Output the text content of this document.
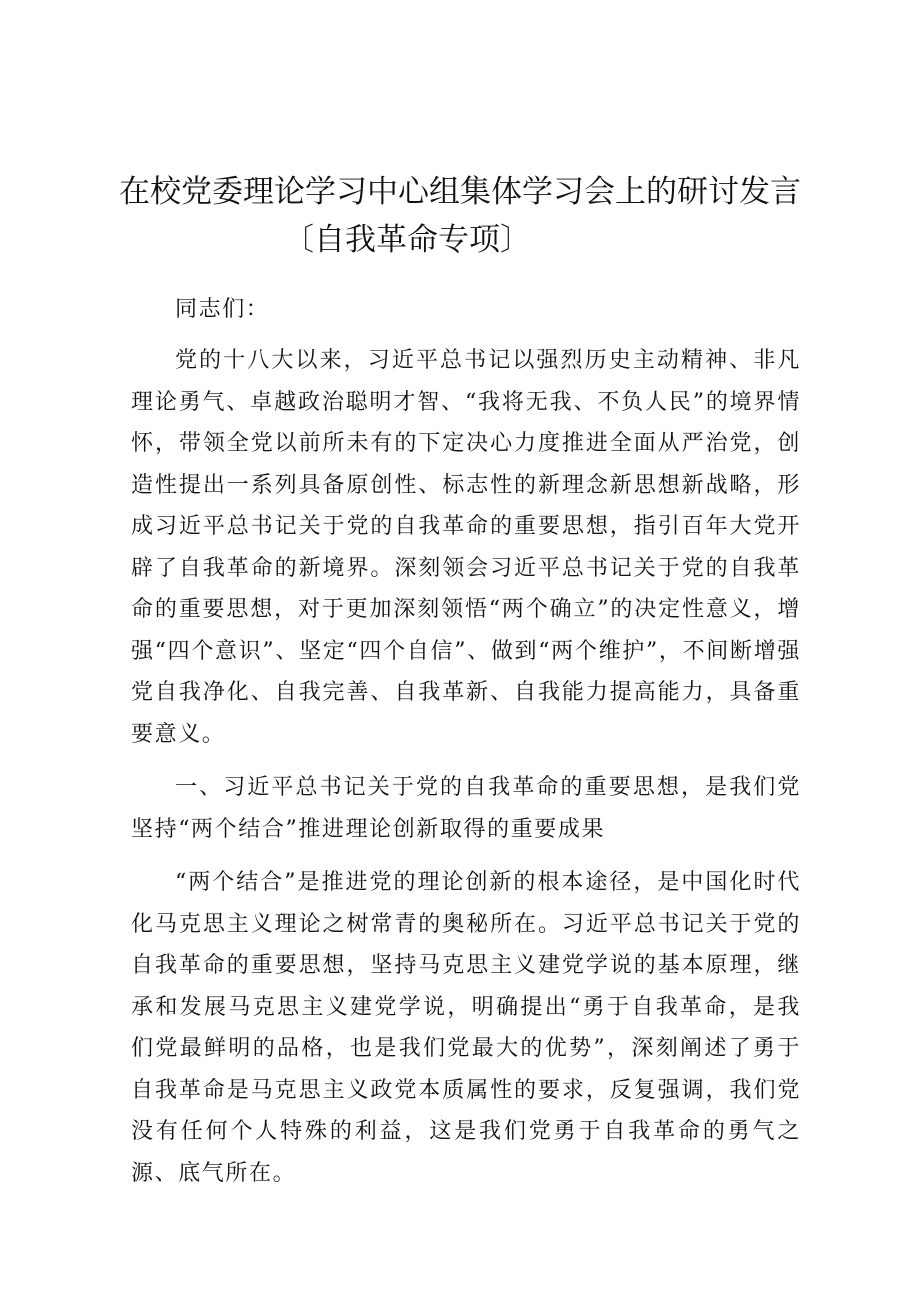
在校党委理论学习中心组集体学习会上的研讨发言
〔自我革命专项〕

同志们：

党的十八大以来，习近平总书记以强烈历史主动精神、非凡理论勇气、卓越政治聪明才智、“我将无我、不负人民”的境界情怀，带领全党以前所未有的下定决心力度推进全面从严治党，创造性提出一系列具备原创性、标志性的新理念新思想新战略，形成习近平总书记关于党的自我革命的重要思想，指引百年大党开辟了自我革命的新境界。深刻领会习近平总书记关于党的自我革命的重要思想，对于更加深刻领悟“两个确立”的决定性意义，增强“四个意识”、坚定“四个自信”、做到“两个维护”，不间断增强党自我净化、自我完善、自我革新、自我能力提高能力，具备重要意义。

一、习近平总书记关于党的自我革命的重要思想，是我们党坚持“两个结合”推进理论创新取得的重要成果

“两个结合”是推进党的理论创新的根本途径，是中国化时代化马克思主义理论之树常青的奥秘所在。习近平总书记关于党的自我革命的重要思想，坚持马克思主义建党学说的基本原理，继承和发展马克思主义建党学说，明确提出“勇于自我革命，是我们党最鲜明的品格，也是我们党最大的优势”，深刻阐述了勇于自我革命是马克思主义政党本质属性的要求，反复强调，我们党没有任何个人特殊的利益，这是我们党勇于自我革命的勇气之源、底气所在。
